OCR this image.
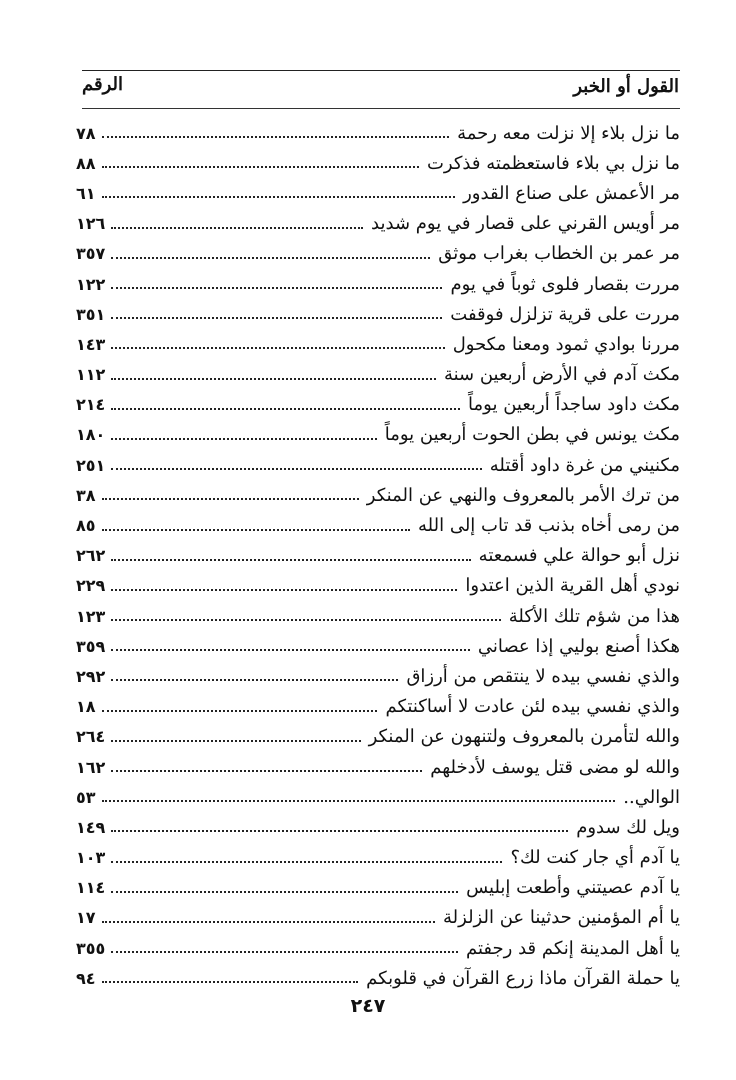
الرقم	القول أو الخبر
ما نزل بلاء إلا نزلت معه رحمة
٧٨
ما نزل بي بلاء فاستعظمته فذكرت
٨٨
مر الأعمش على صناع القدور
٦١
مر أويس القرني على قصار في يوم شديد
١٢٦
مر عمر بن الخطاب بغراب موثق
٣٥٧
مررت بقصار فلوى ثوباً في يوم
١٢٢
مررت على قرية تزلزل فوقفت
٣٥١
مررنا بوادي ثمود ومعنا مكحول
١٤٣
مكث آدم في الأرض أربعين سنة
١١٢
مكث داود ساجداً أربعين يوماً
٢١٤
مكث يونس في بطن الحوت أربعين يوماً
١٨٠
مكنيني من غرة داود أقتله
٢٥١
من ترك الأمر بالمعروف والنهي عن المنكر
٣٨
من رمى أخاه بذنب قد تاب إلى الله
٨٥
نزل أبو حوالة علي فسمعته
٢٦٢
نودي أهل القرية الذين اعتدوا
٢٢٩
هذا من شؤم تلك الأكلة
١٢٣
هكذا أصنع بوليي إذا عصاني
٣٥٩
والذي نفسي بيده لا ينتقص من أرزاق
٢٩٢
والذي نفسي بيده لئن عادت لا أساكنتكم
١٨
والله لتأمرن بالمعروف ولتنهون عن المنكر
٢٦٤
والله لو مضى قتل يوسف لأدخلهم
١٦٢
الوالي..
٥٣
ويل لك سدوم
١٤٩
يا آدم أي جار كنت لك؟
١٠٣
يا آدم عصيتني وأطعت إبليس
١١٤
يا أم المؤمنين حدثينا عن الزلزلة
١٧
يا أهل المدينة إنكم قد رجفتم
٣٥٥
يا حملة القرآن ماذا زرع القرآن في قلوبكم
٩٤
٢٤٧
